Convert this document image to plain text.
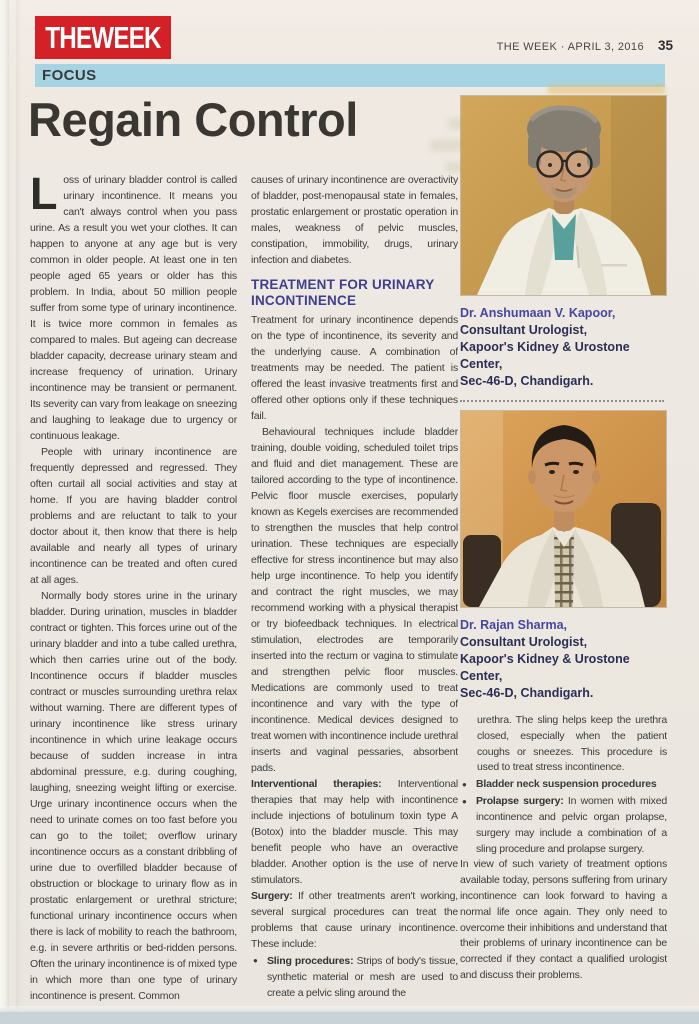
THEWEEK	THE WEEK · APRIL 3, 2016 35
FOCUS
Regain Control

Loss of urinary bladder control is called urinary incontinence. It means you can't always control when you pass urine. As a result you wet your clothes. It can happen to anyone at any age but is very common in older people. At least one in ten people aged 65 years or older has this problem. In India, about 50 million people suffer from some type of urinary incontinence. It is twice more common in females as compared to males. But ageing can decrease bladder capacity, decrease urinary steam and increase frequency of urination. Urinary incontinence may be transient or permanent. Its severity can vary from leakage on sneezing and laughing to leakage due to urgency or continuous leakage.

People with urinary incontinence are frequently depressed and regressed. They often curtail all social activities and stay at home. If you are having bladder control problems and are reluctant to talk to your doctor about it, then know that there is help available and nearly all types of urinary incontinence can be treated and often cured at all ages.

Normally body stores urine in the urinary bladder. During urination, muscles in bladder contract or tighten. This forces urine out of the urinary bladder and into a tube called urethra, which then carries urine out of the body. Incontinence occurs if bladder muscles contract or muscles surrounding urethra relax without warning. There are different types of urinary incontinence like stress urinary incontinence in which urine leakage occurs because of sudden increase in intra abdominal pressure, e.g. during coughing, laughing, sneezing weight lifting or exercise. Urge urinary incontinence occurs when the need to urinate comes on too fast before you can go to the toilet; overflow urinary incontinence occurs as a constant dribbling of urine due to overfilled bladder because of obstruction or blockage to urinary flow as in prostatic enlargement or urethral stricture; functional urinary incontinence occurs when there is lack of mobility to reach the bathroom, e.g. in severe arthritis or bed-ridden persons. Often the urinary incontinence is of mixed type in which more than one type of urinary incontinence is present. Common

causes of urinary incontinence are overactivity of bladder, post-menopausal state in females, prostatic enlargement or prostatic operation in males, weakness of pelvic muscles, constipation, immobility, drugs, urinary infection and diabetes.

TREATMENT FOR URINARY INCONTINENCE

Treatment for urinary incontinence depends on the type of incontinence, its severity and the underlying cause. A combination of treatments may be needed. The patient is offered the least invasive treatments first and offered other options only if these techniques fail.

Behavioural techniques include bladder training, double voiding, scheduled toilet trips and fluid and diet management. These are tailored according to the type of incontinence. Pelvic floor muscle exercises, popularly known as Kegels exercises are recommended to strengthen the muscles that help control urination. These techniques are especially effective for stress incontinence but may also help urge incontinence. To help you identify and contract the right muscles, we may recommend working with a physical therapist or try biofeedback techniques. In electrical stimulation, electrodes are temporarily inserted into the rectum or vagina to stimulate and strengthen pelvic floor muscles. Medications are commonly used to treat incontinence and vary with the type of incontinence. Medical devices designed to treat women with incontinence include urethral inserts and vaginal pessaries, absorbent pads.

Interventional therapies: Interventional therapies that may help with incontinence include injections of botulinum toxin type A (Botox) into the bladder muscle. This may benefit people who have an overactive bladder. Another option is the use of nerve stimulators.

Surgery: If other treatments aren't working, several surgical procedures can treat the problems that cause urinary incontinence. These include:

● Sling procedures: Strips of body's tissue, synthetic material or mesh are used to create a pelvic sling around the
Dr. Anshumaan V. Kapoor,
Consultant Urologist,
Kapoor's Kidney & Urostone Center,
Sec-46-D, Chandigarh.
Dr. Rajan Sharma,
Consultant Urologist,
Kapoor's Kidney & Urostone Center,
Sec-46-D, Chandigarh.

urethra. The sling helps keep the urethra closed, especially when the patient coughs or sneezes. This procedure is used to treat stress incontinence.

● Bladder neck suspension procedures
● Prolapse surgery: In women with mixed incontinence and pelvic organ prolapse, surgery may include a combination of a sling procedure and prolapse surgery.

In view of such variety of treatment options available today, persons suffering from urinary incontinence can look forward to having a normal life once again. They only need to overcome their inhibitions and understand that their problems of urinary incontinence can be corrected if they contact a qualified urologist and discuss their problems.
